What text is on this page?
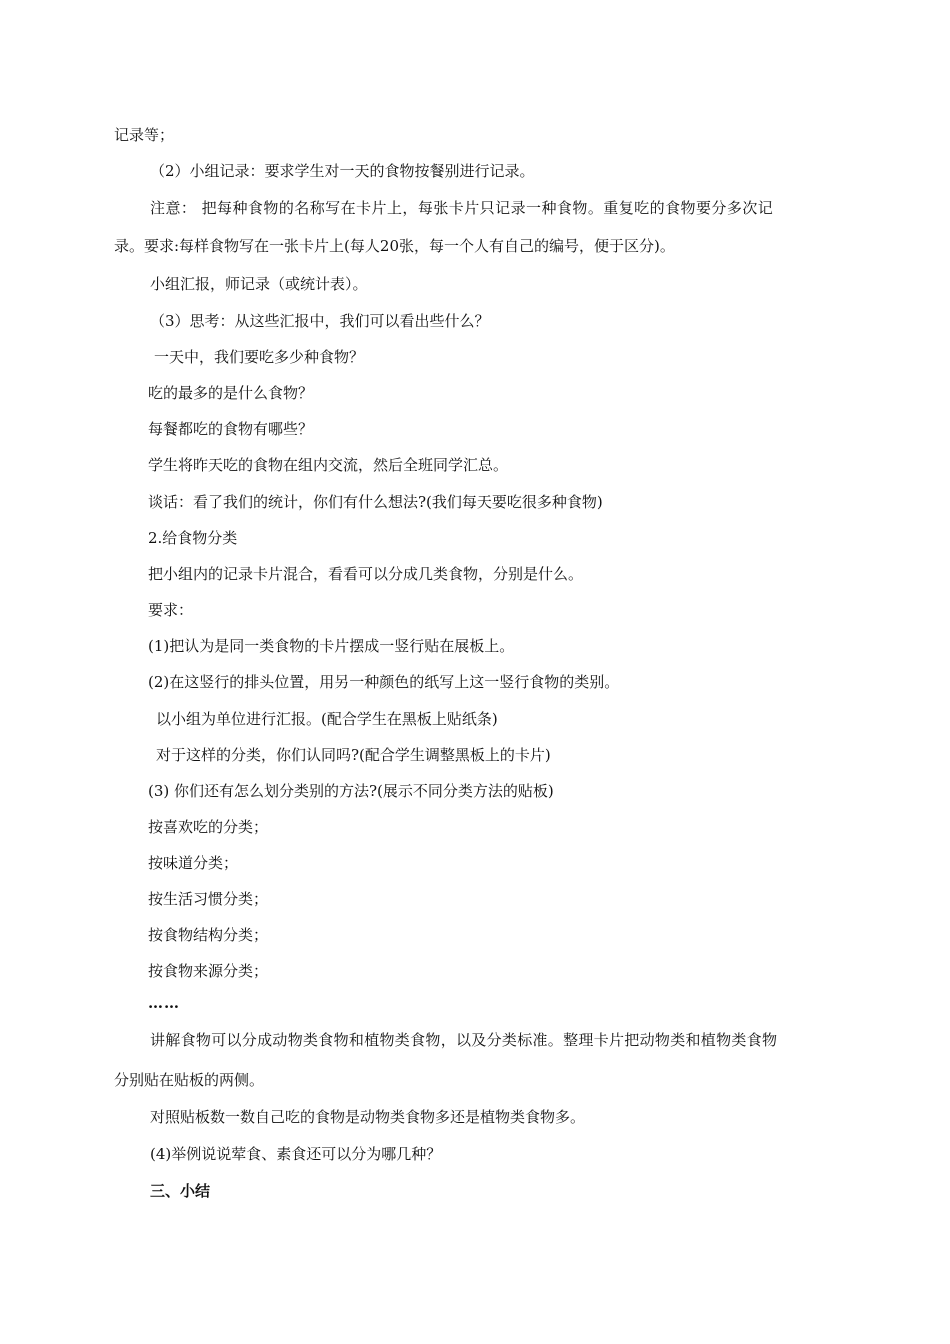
记录等；
（2）小组记录：要求学生对一天的食物按餐别进行记录。
注意： 把每种食物的名称写在卡片上，每张卡片只记录一种食物。重复吃的食物要分多次记
录。要求:每样食物写在一张卡片上(每人20张，每一个人有自己的编号，便于区分)。
小组汇报，师记录（或统计表）。
（3）思考：从这些汇报中，我们可以看出些什么？
一天中，我们要吃多少种食物？
吃的最多的是什么食物？
每餐都吃的食物有哪些？
学生将昨天吃的食物在组内交流，然后全班同学汇总。
谈话：看了我们的统计，你们有什么想法?(我们每天要吃很多种食物)
2.给食物分类
把小组内的记录卡片混合，看看可以分成几类食物，分别是什么。
要求：
(1)把认为是同一类食物的卡片摆成一竖行贴在展板上。
(2)在这竖行的排头位置，用另一种颜色的纸写上这一竖行食物的类别。
以小组为单位进行汇报。(配合学生在黑板上贴纸条)
对于这样的分类，你们认同吗?(配合学生调整黑板上的卡片)
(3) 你们还有怎么划分类别的方法?(展示不同分类方法的贴板)
按喜欢吃的分类；
按味道分类；
按生活习惯分类；
按食物结构分类；
按食物来源分类；
……
讲解食物可以分成动物类食物和植物类食物，以及分类标准。整理卡片把动物类和植物类食物
分别贴在贴板的两侧。
对照贴板数一数自己吃的食物是动物类食物多还是植物类食物多。
(4)举例说说荤食、素食还可以分为哪几种？
三、小结
